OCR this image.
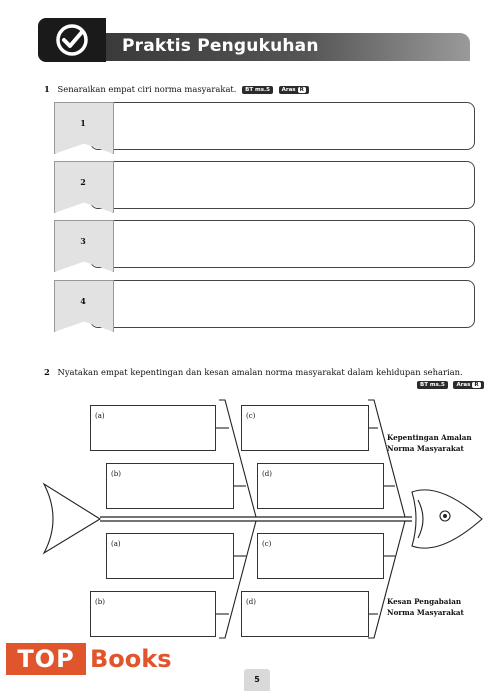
Praktis Pengukuhan
1 Senaraikan empat ciri norma masyarakat. BT ms.5 Aras R
1
2
3
4
2 Nyatakan empat kepentingan dan kesan amalan norma masyarakat dalam kehidupan seharian.
BT ms.5 Aras R
(a)	(c)
(b)	(d)
(a)	(c)
(b)	(d)
Kepentingan Amalan
Norma Masyarakat
Kesan Pengabaian
Norma Masyarakat
TOP Books
5
